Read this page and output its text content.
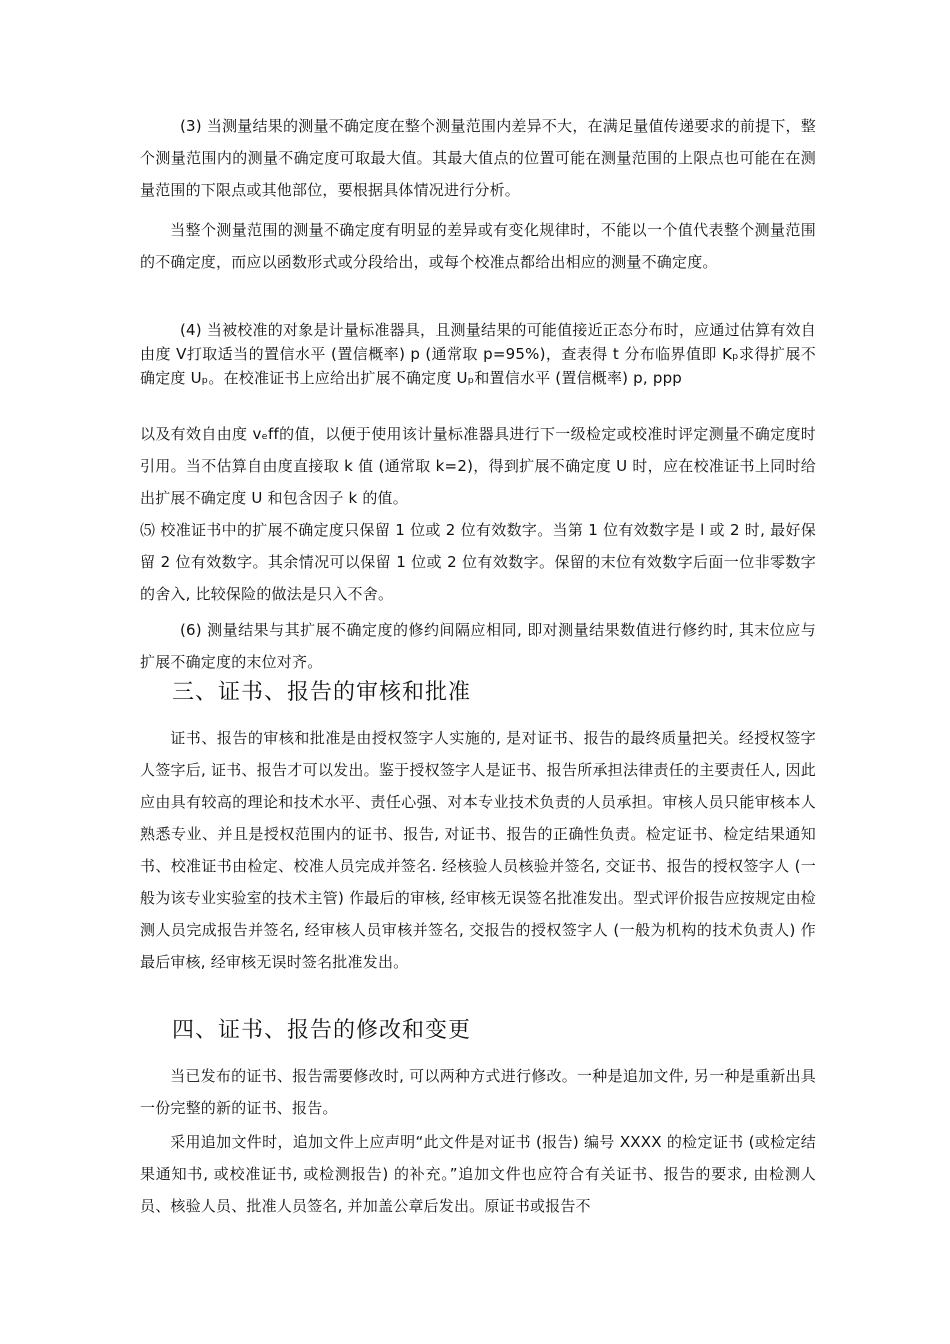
(3) 当测量结果的测量不确定度在整个测量范围内差异不大，在满足量值传递要求的前提下，整个测量范围内的测量不确定度可取最大值。其最大值点的位置可能在测量范围的上限点也可能在在测量范围的下限点或其他部位，要根据具体情况进行分析。

当整个测量范围的测量不确定度有明显的差异或有变化规律时，不能以一个值代表整个测量范围的不确定度，而应以函数形式或分段给出，或每个校准点都给出相应的测量不确定度。

(4) 当被校准的对象是计量标准器具，且测量结果的可能值接近正态分布时，应通过估算有效自由度 V打取适当的置信水平 (置信概率) p (通常取 p=95%)，查表得 t 分布临界值即 Kₚ求得扩展不确定度 Uₚ。在校准证书上应给出扩展不确定度 Uₚ和置信水平 (置信概率) p, ppp

以及有效自由度 vₑff的值，以便于使用该计量标准器具进行下一级检定或校准时评定测量不确定度时引用。当不估算自由度直接取 k 值 (通常取 k=2)，得到扩展不确定度 U 时，应在校准证书上同时给出扩展不确定度 U 和包含因子 k 的值。

⑸ 校准证书中的扩展不确定度只保留 1 位或 2 位有效数字。当第 1 位有效数字是 l 或 2 时, 最好保留 2 位有效数字。其余情况可以保留 1 位或 2 位有效数字。保留的末位有效数字后面一位非零数字的舍入, 比较保险的做法是只入不舍。

(6) 测量结果与其扩展不确定度的修约间隔应相同, 即对测量结果数值进行修约时, 其末位应与扩展不确定度的末位对齐。

三、证书、报告的审核和批准

证书、报告的审核和批准是由授权签字人实施的, 是对证书、报告的最终质量把关。经授权签字人签字后, 证书、报告才可以发出。鉴于授权签字人是证书、报告所承担法律责任的主要责任人, 因此应由具有较高的理论和技术水平、责任心强、对本专业技术负责的人员承担。审核人员只能审核本人熟悉专业、并且是授权范围内的证书、报告, 对证书、报告的正确性负责。检定证书、检定结果通知书、校准证书由检定、校准人员完成并签名. 经核验人员核验并签名, 交证书、报告的授权签字人 (一般为该专业实验室的技术主管) 作最后的审核, 经审核无误签名批准发出。型式评价报告应按规定由检测人员完成报告并签名, 经审核人员审核并签名, 交报告的授权签字人 (一般为机构的技术负责人) 作最后审核, 经审核无误时签名批准发出。

四、证书、报告的修改和变更

当已发布的证书、报告需要修改时, 可以两种方式进行修改。一种是追加文件, 另一种是重新出具一份完整的新的证书、报告。

采用追加文件时，追加文件上应声明“此文件是对证书 (报告) 编号 XXXX 的检定证书 (或检定结果通知书, 或校准证书, 或检测报告) 的补充。”追加文件也应符合有关证书、报告的要求, 由检测人员、核验人员、批准人员签名, 并加盖公章后发出。原证书或报告不
